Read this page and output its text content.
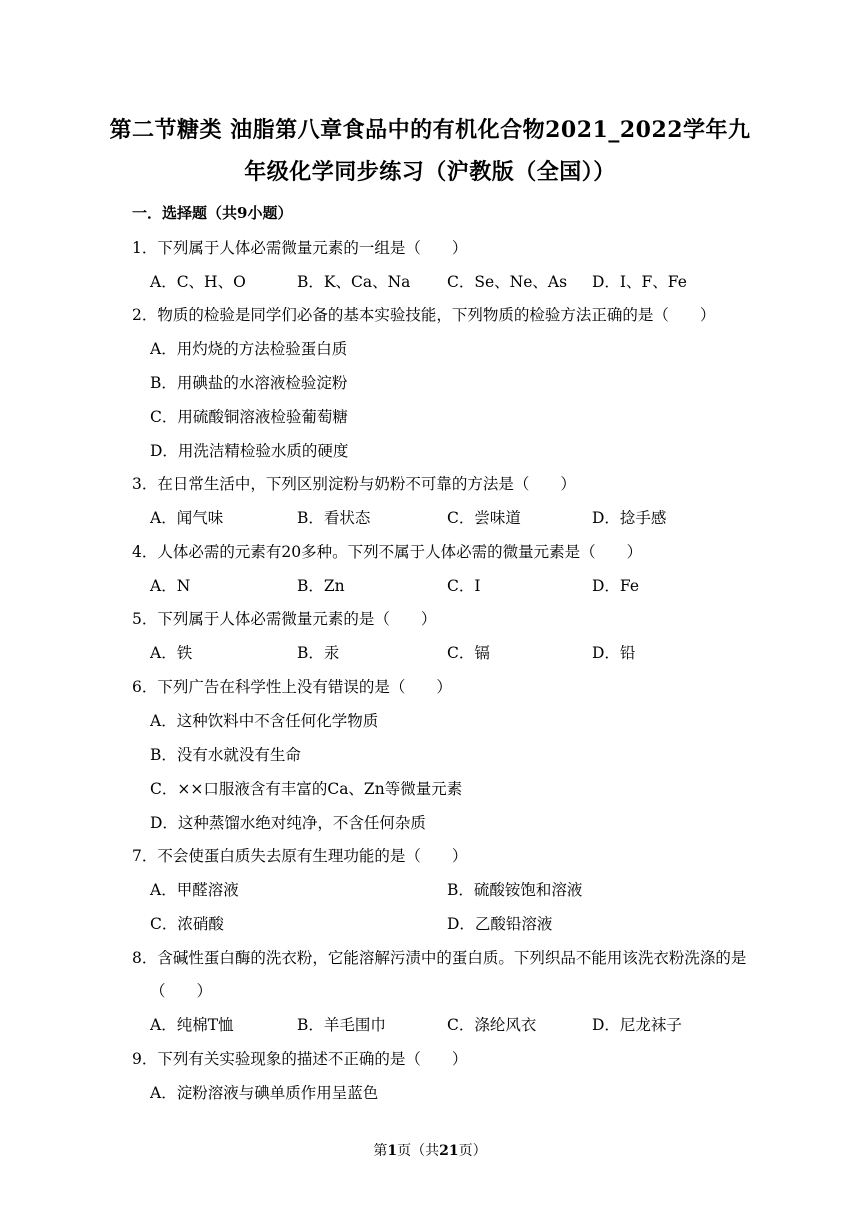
第二节糖类 油脂第八章食品中的有机化合物2021_2022学年九
年级化学同步练习（沪教版（全国））
一．选择题（共9小题）
1．下列属于人体必需微量元素的一组是（　　）
A．C、H、O	B．K、Ca、Na C．Se、Ne、As D．I、F、Fe
2．物质的检验是同学们必备的基本实验技能，下列物质的检验方法正确的是（　　）
A．用灼烧的方法检验蛋白质
B．用碘盐的水溶液检验淀粉
C．用硫酸铜溶液检验葡萄糖
D．用洗洁精检验水质的硬度
3．在日常生活中，下列区别淀粉与奶粉不可靠的方法是（　　）
A．闻气味	B．看状态	C．尝味道	D．捻手感
4．人体必需的元素有20多种。下列不属于人体必需的微量元素是（　　）
A．N	B．Zn	C．I	D．Fe
5．下列属于人体必需微量元素的是（　　）
A．铁	B．汞	C．镉	D．铅
6．下列广告在科学性上没有错误的是（　　）
A．这种饮料中不含任何化学物质
B．没有水就没有生命
C．××口服液含有丰富的Ca、Zn等微量元素
D．这种蒸馏水绝对纯净，不含任何杂质
7．不会使蛋白质失去原有生理功能的是（　　）
A．甲醛溶液	B．硫酸铵饱和溶液
C．浓硝酸	D．乙酸铅溶液
8．含碱性蛋白酶的洗衣粉，它能溶解污渍中的蛋白质。下列织品不能用该洗衣粉洗涤的是
（　　）
A．纯棉T恤	B．羊毛围巾	C．涤纶风衣	D．尼龙袜子
9．下列有关实验现象的描述不正确的是（　　）
A．淀粉溶液与碘单质作用呈蓝色
第1页（共21页）
